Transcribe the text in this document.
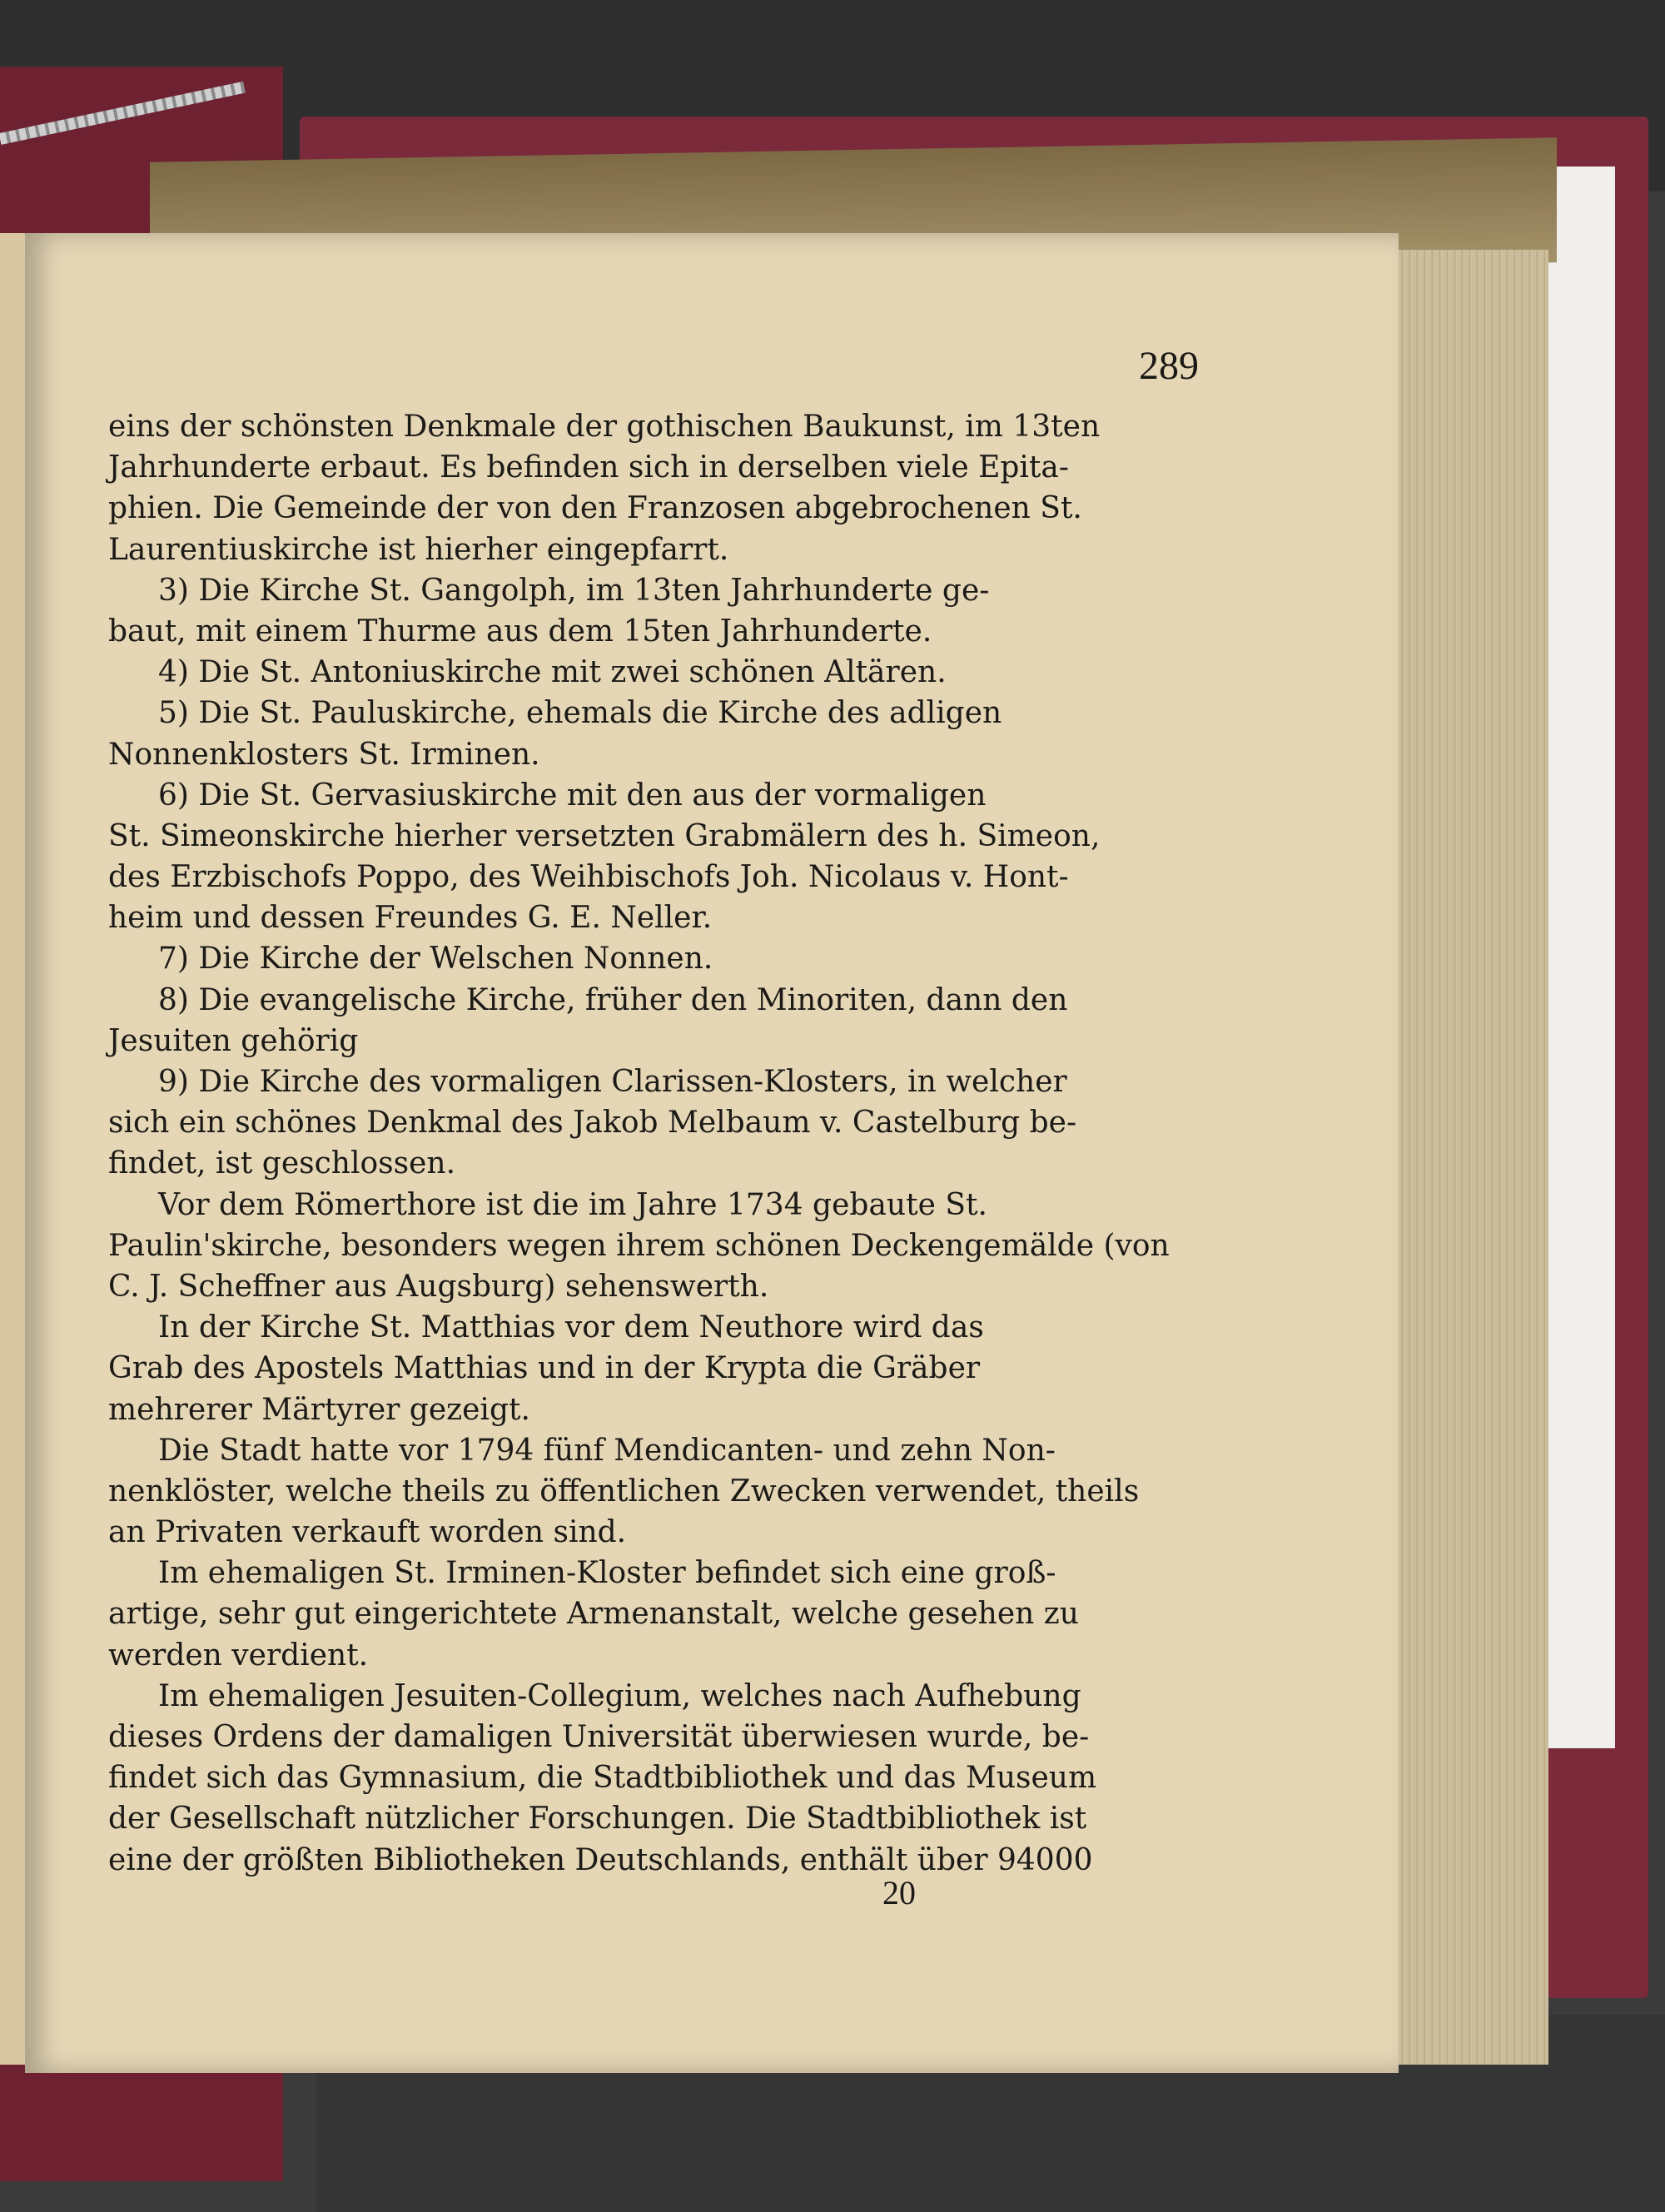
289
eins der schönsten Denkmale der gothischen Baukunst, im 13ten
Jahrhunderte erbaut. Es befinden sich in derselben viele Epita-
phien. Die Gemeinde der von den Franzosen abgebrochenen St.
Laurentiuskirche ist hierher eingepfarrt.
3) Die Kirche St. Gangolph, im 13ten Jahrhunderte ge-
baut, mit einem Thurme aus dem 15ten Jahrhunderte.
4) Die St. Antoniuskirche mit zwei schönen Altären.
5) Die St. Pauluskirche, ehemals die Kirche des adligen
Nonnenklosters St. Irminen.
6) Die St. Gervasiuskirche mit den aus der vormaligen
St. Simeonskirche hierher versetzten Grabmälern des h. Simeon,
des Erzbischofs Poppo, des Weihbischofs Joh. Nicolaus v. Hont-
heim und dessen Freundes G. E. Neller.
7) Die Kirche der Welschen Nonnen.
8) Die evangelische Kirche, früher den Minoriten, dann den
Jesuiten gehörig
9) Die Kirche des vormaligen Clarissen-Klosters, in welcher
sich ein schönes Denkmal des Jakob Melbaum v. Castelburg be-
findet, ist geschlossen.
Vor dem Römerthore ist die im Jahre 1734 gebaute St.
Paulin'skirche, besonders wegen ihrem schönen Deckengemälde (von
C. J. Scheffner aus Augsburg) sehenswerth.
In der Kirche St. Matthias vor dem Neuthore wird das
Grab des Apostels Matthias und in der Krypta die Gräber
mehrerer Märtyrer gezeigt.
Die Stadt hatte vor 1794 fünf Mendicanten- und zehn Non-
nenklöster, welche theils zu öffentlichen Zwecken verwendet, theils
an Privaten verkauft worden sind.
Im ehemaligen St. Irminen-Kloster befindet sich eine groß-
artige, sehr gut eingerichtete Armenanstalt, welche gesehen zu
werden verdient.
Im ehemaligen Jesuiten-Collegium, welches nach Aufhebung
dieses Ordens der damaligen Universität überwiesen wurde, be-
findet sich das Gymnasium, die Stadtbibliothek und das Museum
der Gesellschaft nützlicher Forschungen. Die Stadtbibliothek ist
eine der größten Bibliotheken Deutschlands, enthält über 94000
20
